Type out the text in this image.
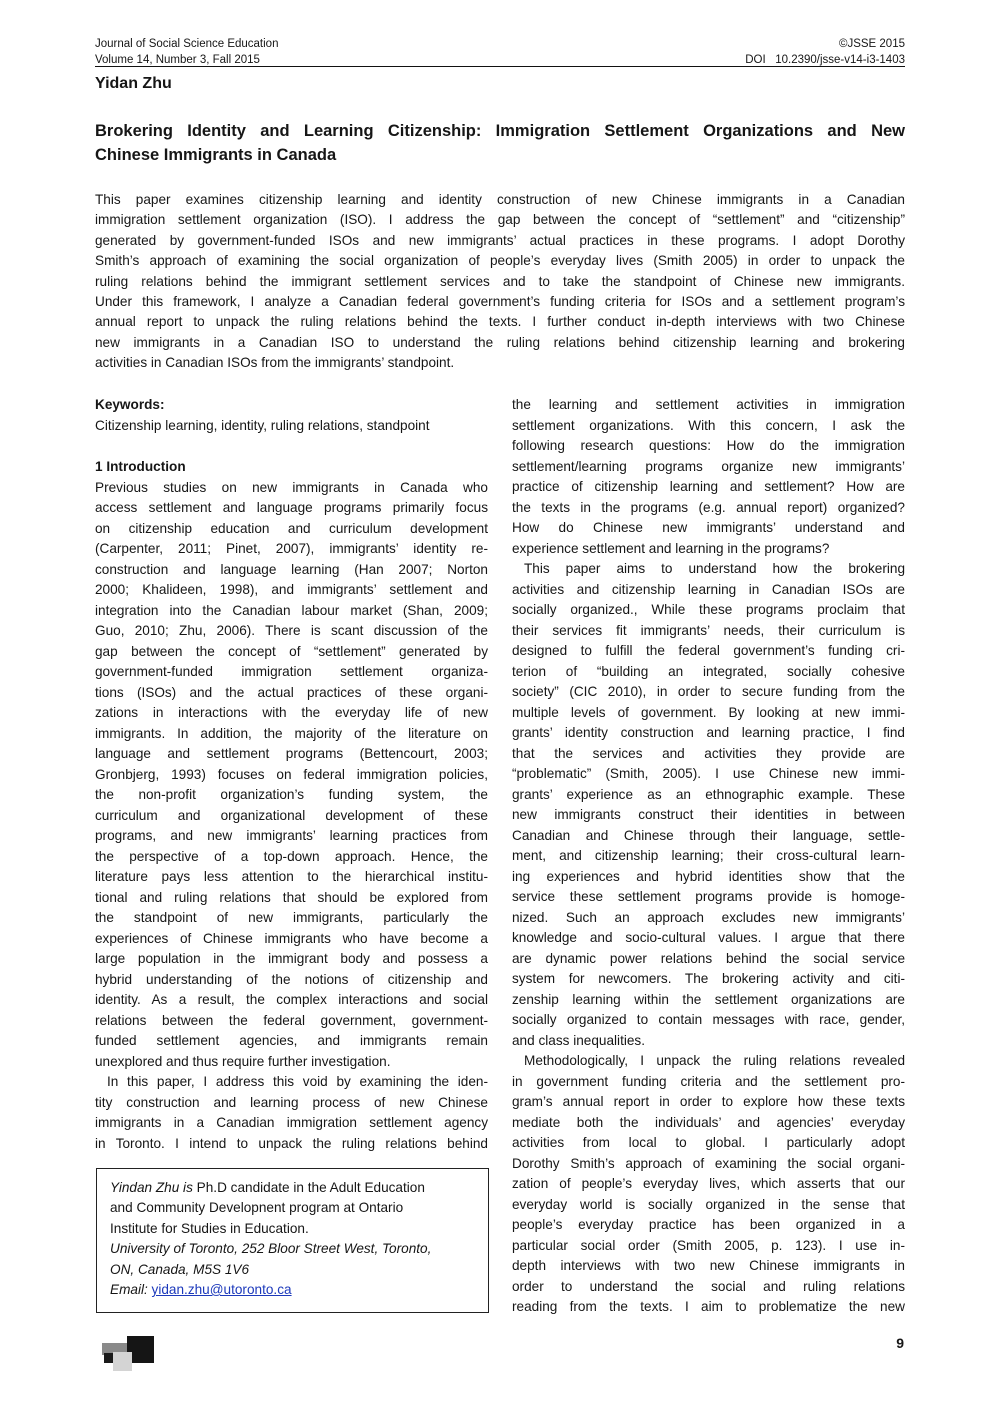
Journal of Social Science Education	©JSSE 2015
Volume 14, Number 3, Fall 2015	DOI   10.2390/jsse-v14-i3-1403
Yidan Zhu
Brokering Identity and Learning Citizenship: Immigration Settlement Organizations and New
Chinese Immigrants in Canada
This paper examines citizenship learning and identity construction of new Chinese immigrants in a Canadian
immigration settlement organization (ISO). I address the gap between the concept of “settlement” and “citizenship”
generated by government-funded ISOs and new immigrants’ actual practices in these programs. I adopt Dorothy
Smith’s approach of examining the social organization of people’s everyday lives (Smith 2005) in order to unpack the
ruling relations behind the immigrant settlement services and to take the standpoint of Chinese new immigrants.
Under this framework, I analyze a Canadian federal government’s funding criteria for ISOs and a settlement program’s
annual report to unpack the ruling relations behind the texts. I further conduct in-depth interviews with two Chinese
new immigrants in a Canadian ISO to understand the ruling relations behind citizenship learning and brokering
activities in Canadian ISOs from the immigrants’ standpoint.
Keywords:
Citizenship learning, identity, ruling relations, standpoint
1 Introduction
Previous studies on new immigrants in Canada who
access settlement and language programs primarily focus
on citizenship education and curriculum development
(Carpenter, 2011; Pinet, 2007), immigrants’ identity re-
construction and language learning (Han 2007; Norton
2000; Khalideen, 1998), and immigrants’ settlement and
integration into the Canadian labour market (Shan, 2009;
Guo, 2010; Zhu, 2006). There is scant discussion of the
gap between the concept of “settlement” generated by
government-funded immigration settlement organiza-
tions (ISOs) and the actual practices of these organi-
zations in interactions with the everyday life of new
immigrants. In addition, the majority of the literature on
language and settlement programs (Bettencourt, 2003;
Gronbjerg, 1993) focuses on federal immigration policies,
the non-profit organization’s funding system, the
curriculum and organizational development of these
programs, and new immigrants’ learning practices from
the perspective of a top-down approach. Hence, the
literature pays less attention to the hierarchical institu-
tional and ruling relations that should be explored from
the standpoint of new immigrants, particularly the
experiences of Chinese immigrants who have become a
large population in the immigrant body and possess a
hybrid understanding of the notions of citizenship and
identity. As a result, the complex interactions and social
relations between the federal government, government-
funded settlement agencies, and immigrants remain
unexplored and thus require further investigation.
In this paper, I address this void by examining the iden-
tity construction and learning process of new Chinese
immigrants in a Canadian immigration settlement agency
in Toronto. I intend to unpack the ruling relations behind
the learning and settlement activities in immigration
settlement organizations. With this concern, I ask the
following research questions: How do the immigration
settlement/learning programs organize new immigrants’
practice of citizenship learning and settlement? How are
the texts in the programs (e.g. annual report) organized?
How do Chinese new immigrants’ understand and
experience settlement and learning in the programs?
This paper aims to understand how the brokering
activities and citizenship learning in Canadian ISOs are
socially organized., While these programs proclaim that
their services fit immigrants’ needs, their curriculum is
designed to fulfill the federal government’s funding cri-
terion of “building an integrated, socially cohesive
society” (CIC 2010), in order to secure funding from the
multiple levels of government. By looking at new immi-
grants’ identity construction and learning practice, I find
that the services and activities they provide are
“problematic” (Smith, 2005). I use Chinese new immi-
grants’ experience as an ethnographic example. These
new immigrants construct their identities in between
Canadian and Chinese through their language, settle-
ment, and citizenship learning; their cross-cultural learn-
ing experiences and hybrid identities show that the
service these settlement programs provide is homoge-
nized. Such an approach excludes new immigrants’
knowledge and socio-cultural values. I argue that there
are dynamic power relations behind the social service
system for newcomers. The brokering activity and citi-
zenship learning within the settlement organizations are
socially organized to contain messages with race, gender,
and class inequalities.
Methodologically, I unpack the ruling relations revealed
in government funding criteria and the settlement pro-
gram’s annual report in order to explore how these texts
mediate both the individuals’ and agencies’ everyday
activities from local to global. I particularly adopt
Dorothy Smith’s approach of examining the social organi-
zation of people’s everyday lives, which asserts that our
everyday world is socially organized in the sense that
people’s everyday practice has been organized in a
particular social order (Smith 2005, p. 123). I use in-
depth interviews with two new Chinese immigrants in
order to understand the social and ruling relations
reading from the texts. I aim to problematize the new
Yindan Zhu is Ph.D candidate in the Adult Education
and Community Developnent program at Ontario
Institute for Studies in Education.
University of Toronto, 252 Bloor Street West, Toronto,
ON, Canada, M5S 1V6
Email: yidan.zhu@utoronto.ca
9
